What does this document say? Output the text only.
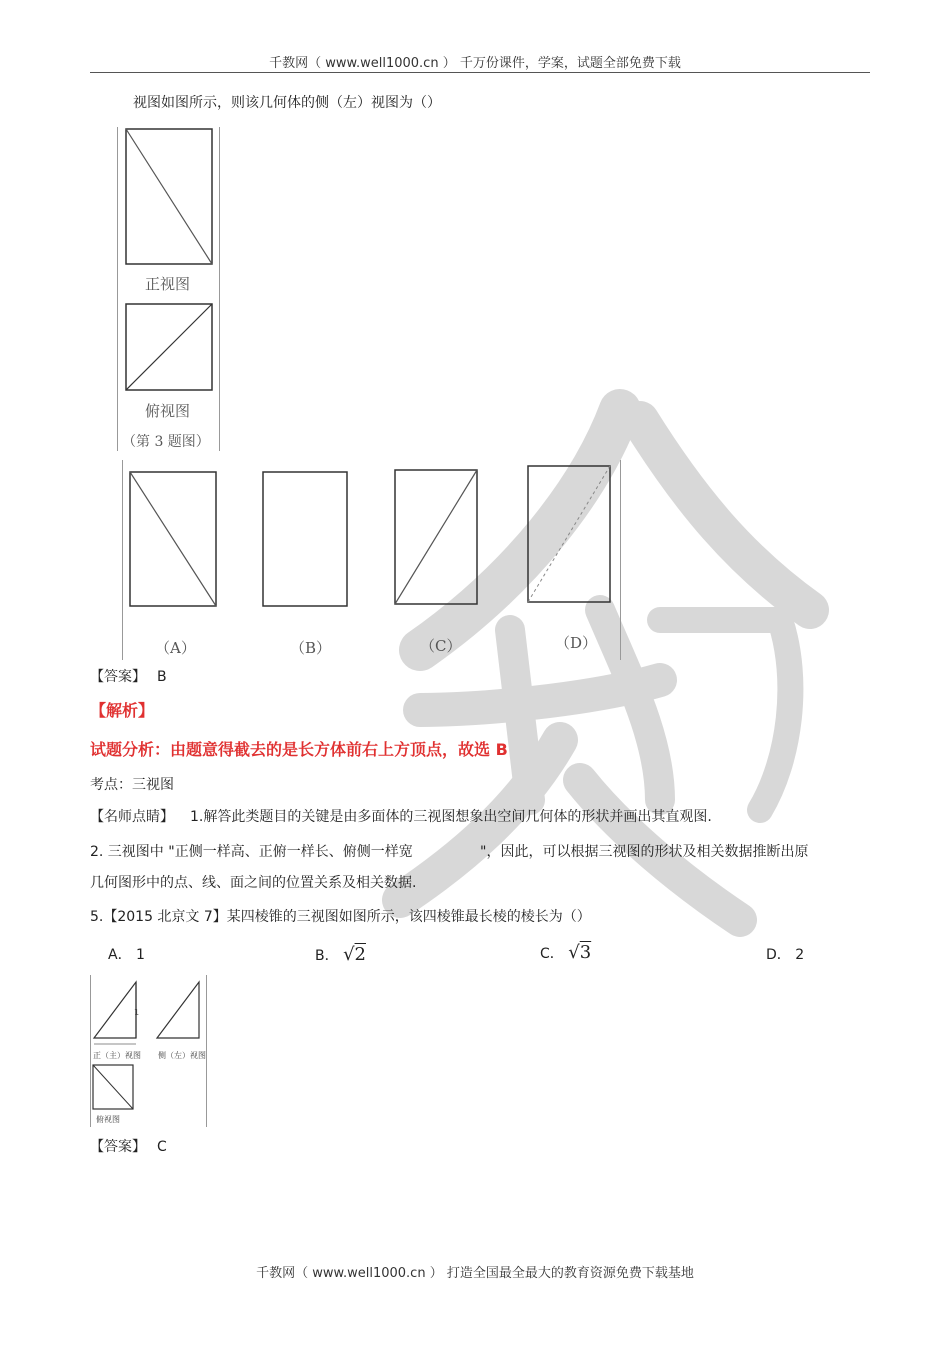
千教网（ www.well1000.cn ） 千万份课件，学案，试题全部免费下载
视图如图所示，则该几何体的侧（左）视图为（）
正视图
俯视图
（第 3 题图）
（A）	（B）	（C）	（D）
【答案】 B
【解析】
试题分析：由题意得截去的是长方体前右上方顶点，故选 B
考点：三视图
【名师点睛】 1.解答此类题目的关键是由多面体的三视图想象出空间几何体的形状并画出其直观图.
2. 三视图中 "正侧一样高、正俯一样长、俯侧一样宽	"，因此，可以根据三视图的形状及相关数据推断出原
几何图形中的点、线、面之间的位置关系及相关数据.
5.【2015 北京文 7】某四棱锥的三视图如图所示，该四棱锥最长棱的棱长为（）
A． 1	B． √2	C． √3	D． 2
1
正（主）视图 侧（左）视图
俯视图
【答案】 C
千教网（ www.well1000.cn ） 打造全国最全最大的教育资源免费下载基地
